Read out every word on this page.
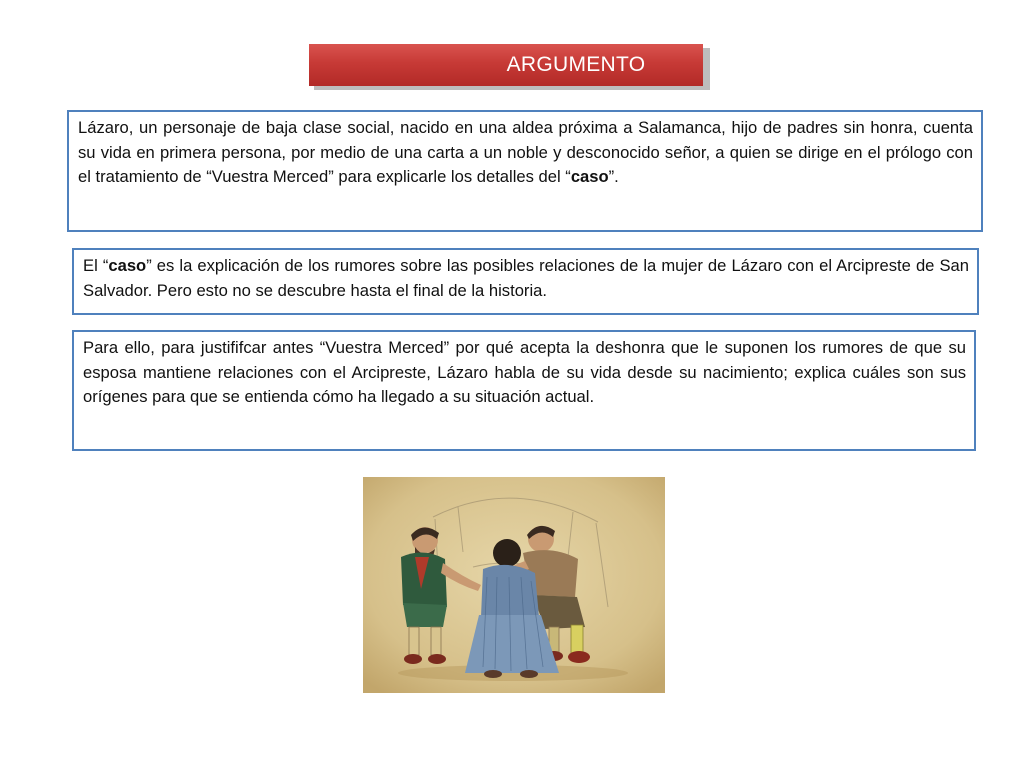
ARGUMENTO

Lázaro, un personaje de baja clase social, nacido en una aldea próxima a Salamanca, hijo de padres sin honra, cuenta su vida en primera persona, por medio de una carta a un noble y desconocido señor, a quien se dirige en el prólogo con el tratamiento de “Vuestra Merced” para explicarle los detalles del “caso”.

El “caso” es la explicación de los rumores sobre las posibles relaciones de la mujer de Lázaro con el Arcipreste de San Salvador. Pero esto no se descubre hasta el final de la historia.

Para ello, para justififcar antes “Vuestra Merced” por qué acepta la deshonra que le suponen los rumores de que su esposa mantiene relaciones con el Arcipreste, Lázaro habla de su vida desde su nacimiento; explica cuáles son sus orígenes para que se entienda cómo ha llegado a su situación actual.
